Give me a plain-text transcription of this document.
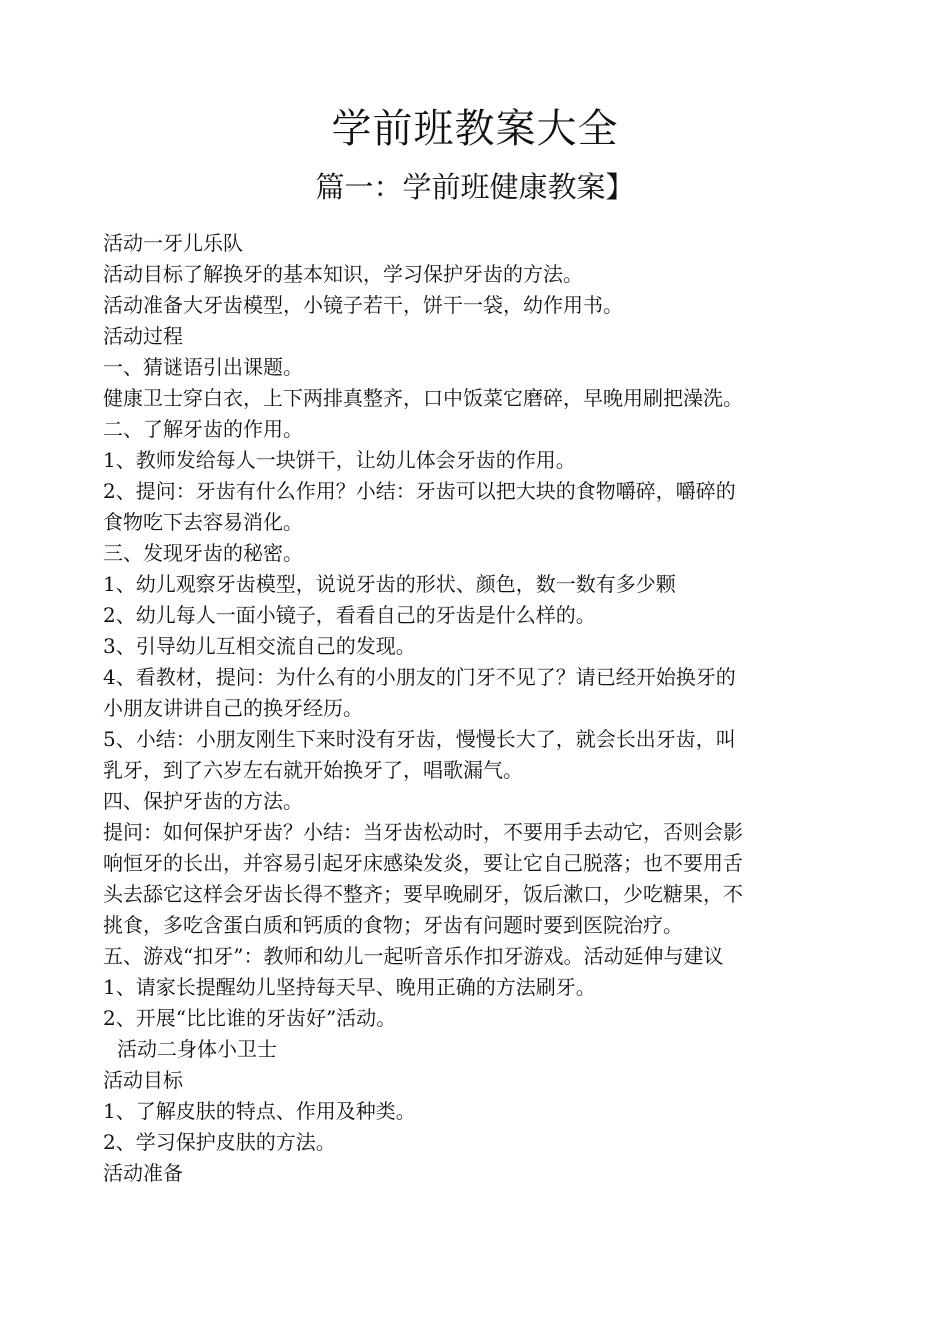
学前班教案大全
篇一：学前班健康教案】
活动一牙儿乐队
活动目标了解换牙的基本知识，学习保护牙齿的方法。
活动准备大牙齿模型，小镜子若干，饼干一袋，幼作用书。
活动过程
一、猜谜语引出课题。
健康卫士穿白衣，上下两排真整齐，口中饭菜它磨碎，早晚用刷把澡洗。
二、了解牙齿的作用。
1、教师发给每人一块饼干，让幼儿体会牙齿的作用。
2、提问：牙齿有什么作用？小结：牙齿可以把大块的食物嚼碎，嚼碎的
食物吃下去容易消化。
三、发现牙齿的秘密。
1、幼儿观察牙齿模型，说说牙齿的形状、颜色，数一数有多少颗
2、幼儿每人一面小镜子，看看自己的牙齿是什么样的。
3、引导幼儿互相交流自己的发现。
4、看教材，提问：为什么有的小朋友的门牙不见了？请已经开始换牙的
小朋友讲讲自己的换牙经历。
5、小结：小朋友刚生下来时没有牙齿，慢慢长大了，就会长出牙齿，叫
乳牙，到了六岁左右就开始换牙了，唱歌漏气。
四、保护牙齿的方法。
提问：如何保护牙齿？小结：当牙齿松动时，不要用手去动它，否则会影
响恒牙的长出，并容易引起牙床感染发炎，要让它自己脱落；也不要用舌
头去舔它这样会牙齿长得不整齐；要早晚刷牙，饭后漱口，少吃糖果，不
挑食，多吃含蛋白质和钙质的食物；牙齿有问题时要到医院治疗。
五、游戏“扣牙”：教师和幼儿一起听音乐作扣牙游戏。活动延伸与建议
1、请家长提醒幼儿坚持每天早、晚用正确的方法刷牙。
2、开展“比比谁的牙齿好”活动。
活动二身体小卫士
活动目标
1、了解皮肤的特点、作用及种类。
2、学习保护皮肤的方法。
活动准备
